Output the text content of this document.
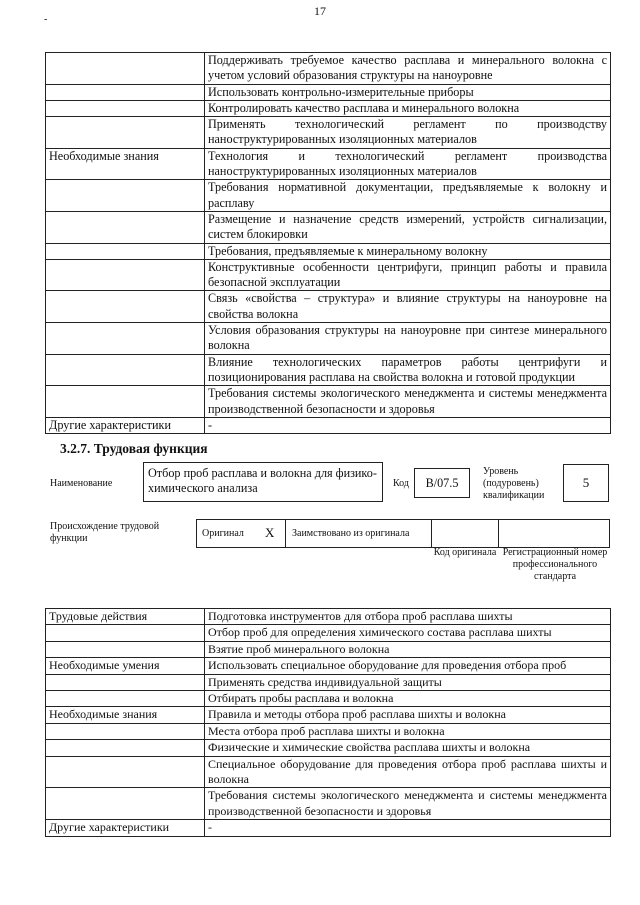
-
17
	Поддерживать требуемое качество расплава и минерального волокна с учетом условий образования структуры на наноуровне
	Использовать контрольно-измерительные приборы
	Контролировать качество расплава и минерального волокна
	Применять технологический регламент по производству наноструктурированных изоляционных материалов
Необходимые знания	Технология и технологический регламент производства наноструктурированных изоляционных материалов
	Требования нормативной документации, предъявляемые к волокну и расплаву
	Размещение и назначение средств измерений, устройств сигнализации, систем блокировки
	Требования, предъявляемые к минеральному волокну
	Конструктивные особенности центрифуги, принцип работы и правила безопасной эксплуатации
	Связь «свойства – структура» и влияние структуры на наноуровне на свойства волокна
	Условия образования структуры на наноуровне при синтезе минерального волокна
	Влияние технологических параметров работы центрифуги и позиционирования расплава на свойства волокна и готовой продукции
	Требования системы экологического менеджмента и системы менеджмента производственной безопасности и здоровья
Другие характеристики	-
3.2.7. Трудовая функция
Наименование
Отбор проб расплава и волокна для физико-химического анализа	Код	B/07.5
Уровень (подуровень) квалификации
5
Происхождение трудовой функции	Оригинал X Заимствовано из оригинала
Код оригинала Регистрационный номер профессионального стандарта
Трудовые действия	Подготовка инструментов для отбора проб расплава шихты
	Отбор проб для определения химического состава расплава шихты
	Взятие проб минерального волокна
Необходимые умения	Использовать специальное оборудование для проведения отбора проб
	Применять средства индивидуальной защиты
	Отбирать пробы расплава и волокна
Необходимые знания	Правила и методы отбора проб расплава шихты и волокна
	Места отбора проб расплава шихты и волокна
	Физические и химические свойства расплава шихты и волокна
	Специальное оборудование для проведения отбора проб расплава шихты и волокна
	Требования системы экологического менеджмента и системы менеджмента производственной безопасности и здоровья
Другие характеристики	-
